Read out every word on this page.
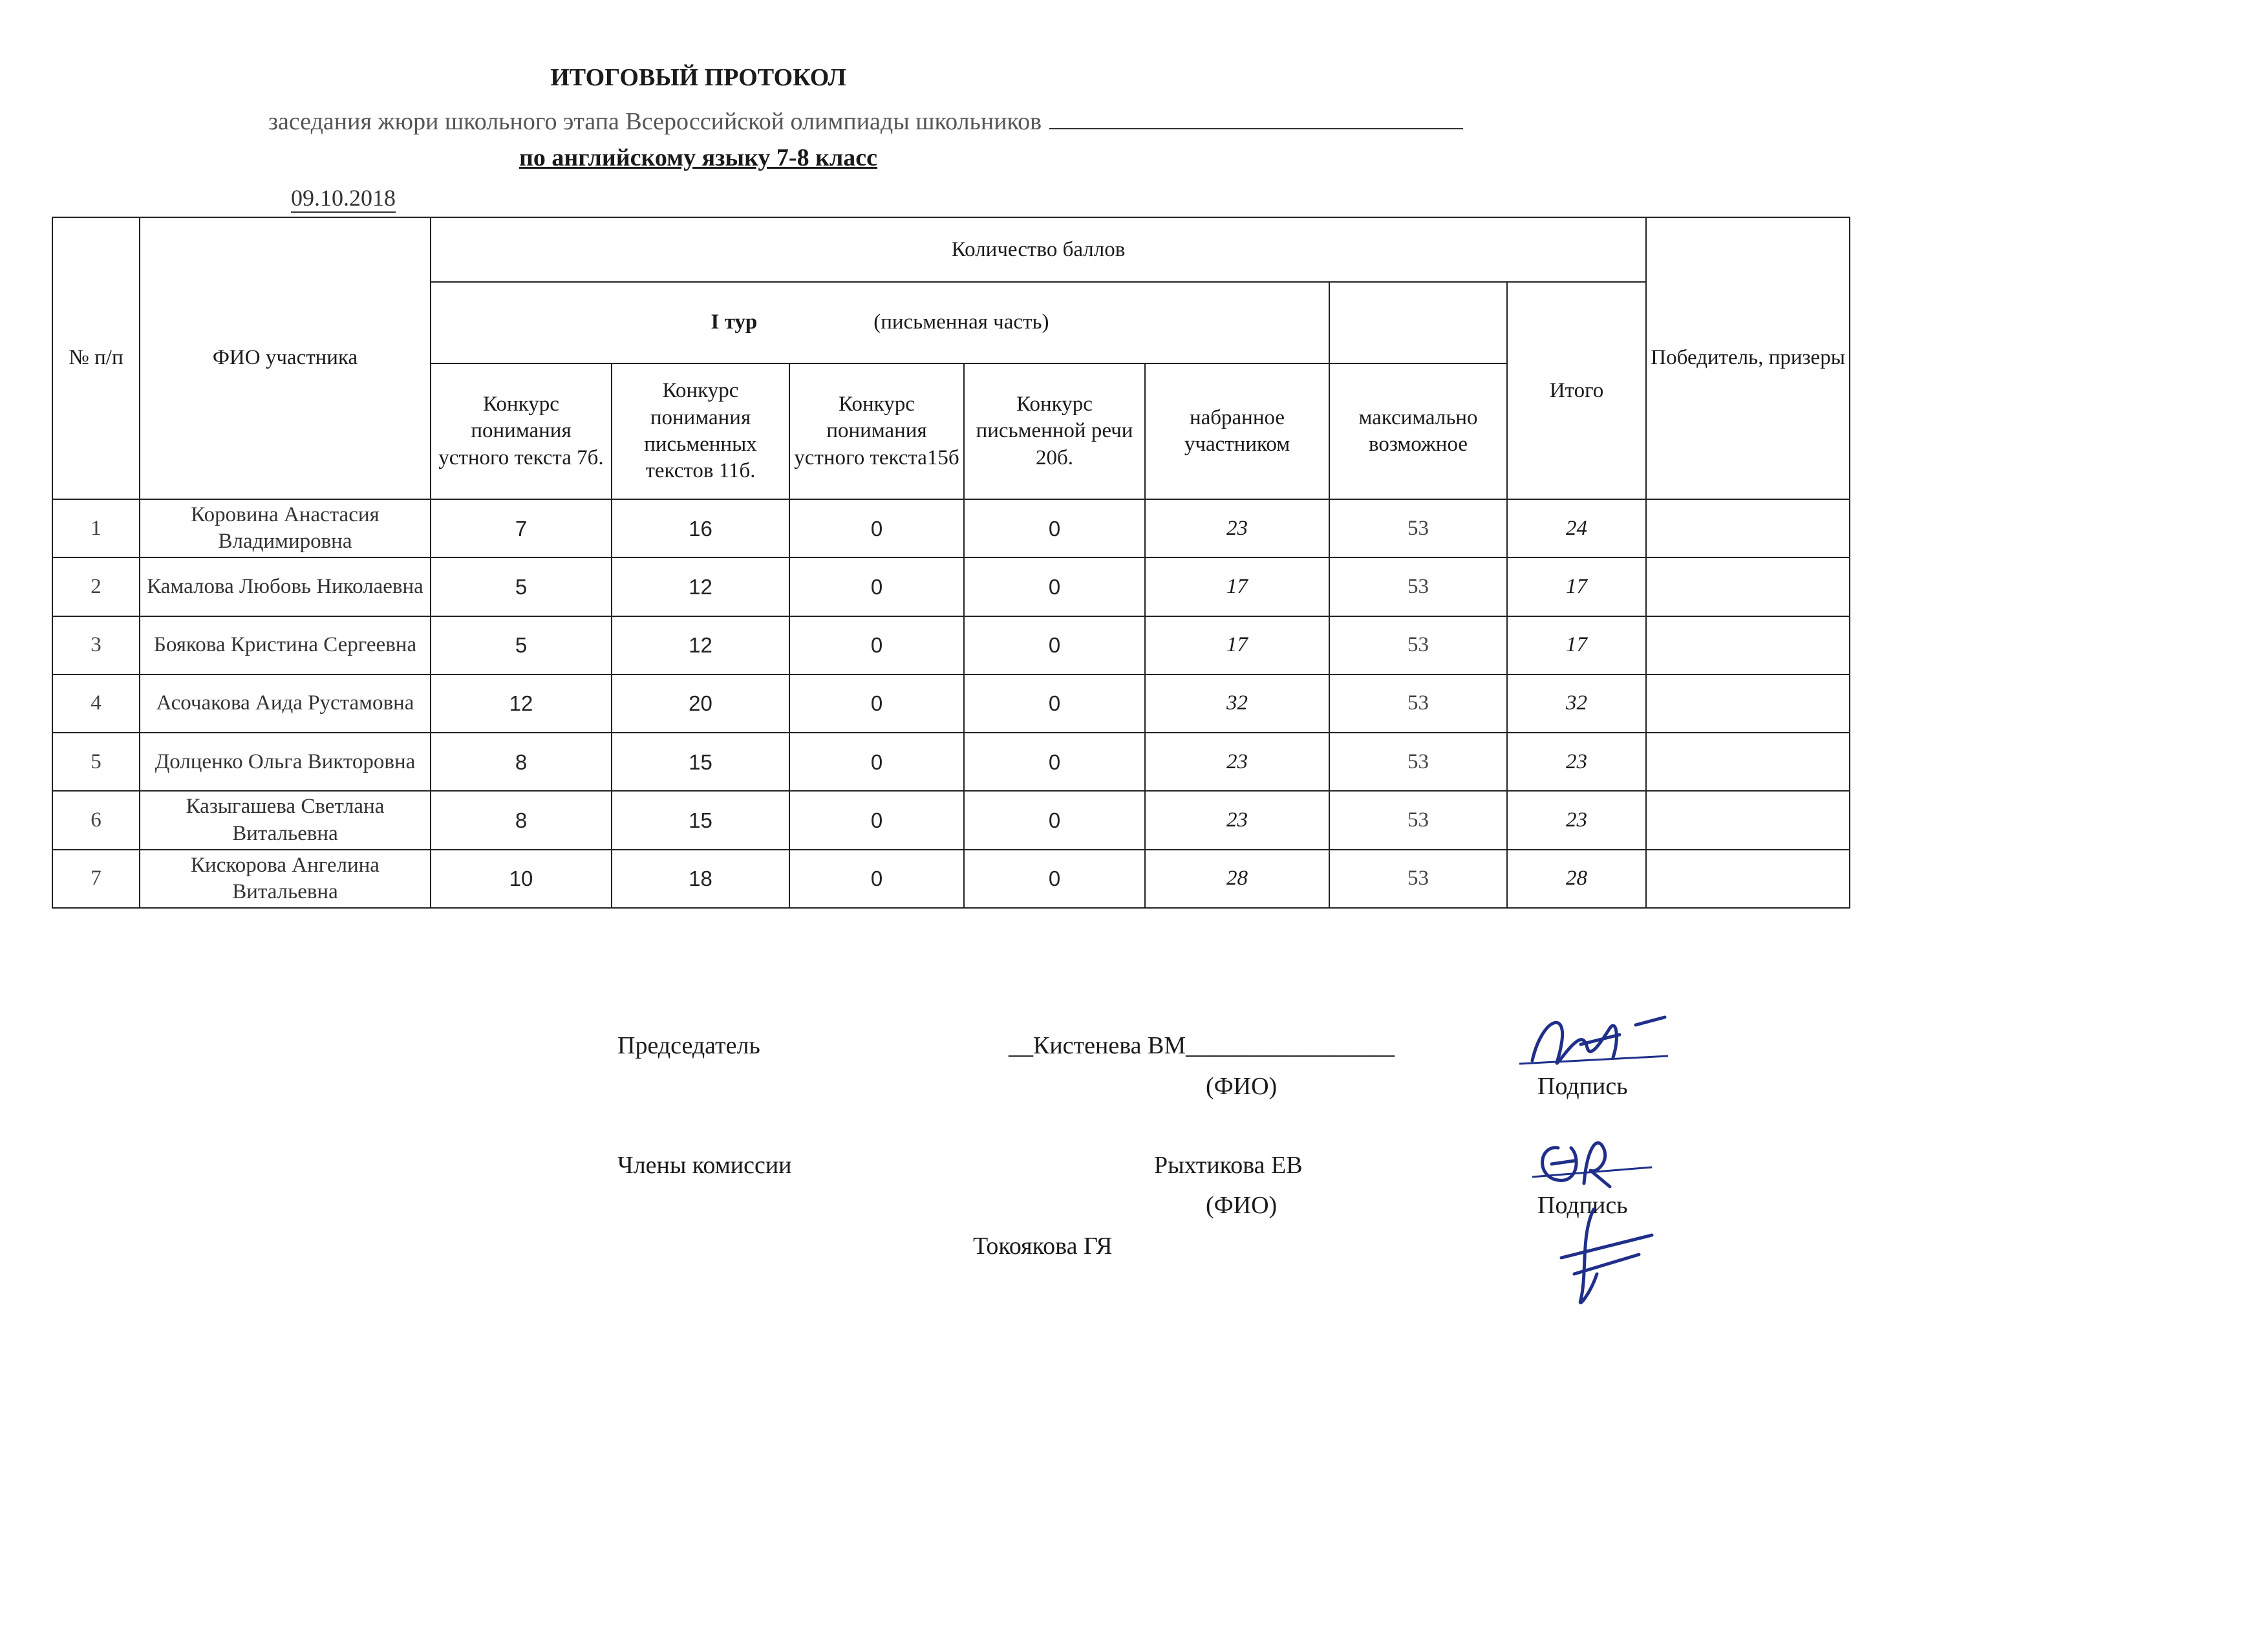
ИТОГОВЫЙ ПРОТОКОЛ
заседания жюри школьного этапа Всероссийской олимпиады школьников
по английскому языку 7-8 класс
09.10.2018
№ п/п	ФИО участника	Количество баллов							Победитель, призеры
		I тур (письменная часть)						Итого	
		Конкурс понимания устного текста 7б.	Конкурс понимания письменных текстов 11б.	Конкурс понимания устного текста15б	Конкурс письменной речи 20б.	набранное участником	максимально возможное		
1	Коровина Анастасия Владимировна	7	16	0	0	23	53	24	
2	Камалова Любовь Николаевна	5	12	0	0	17	53	17	
3	Боякова Кристина Сергеевна	5	12	0	0	17	53	17	
4	Асочакова Аида Рустамовна	12	20	0	0	32	53	32	
5	Долценко Ольга Викторовна	8	15	0	0	23	53	23	
6	Казыгашева Светлана Витальевна	8	15	0	0	23	53	23	
7	Кискорова Ангелина Витальевна	10	18	0	0	28	53	28	
Председатель	__Кистенева ВМ_________________
(ФИО)	Подпись
Члены комиссии	Рыхтикова ЕВ
(ФИО)	Подпись
Токоякова ГЯ
